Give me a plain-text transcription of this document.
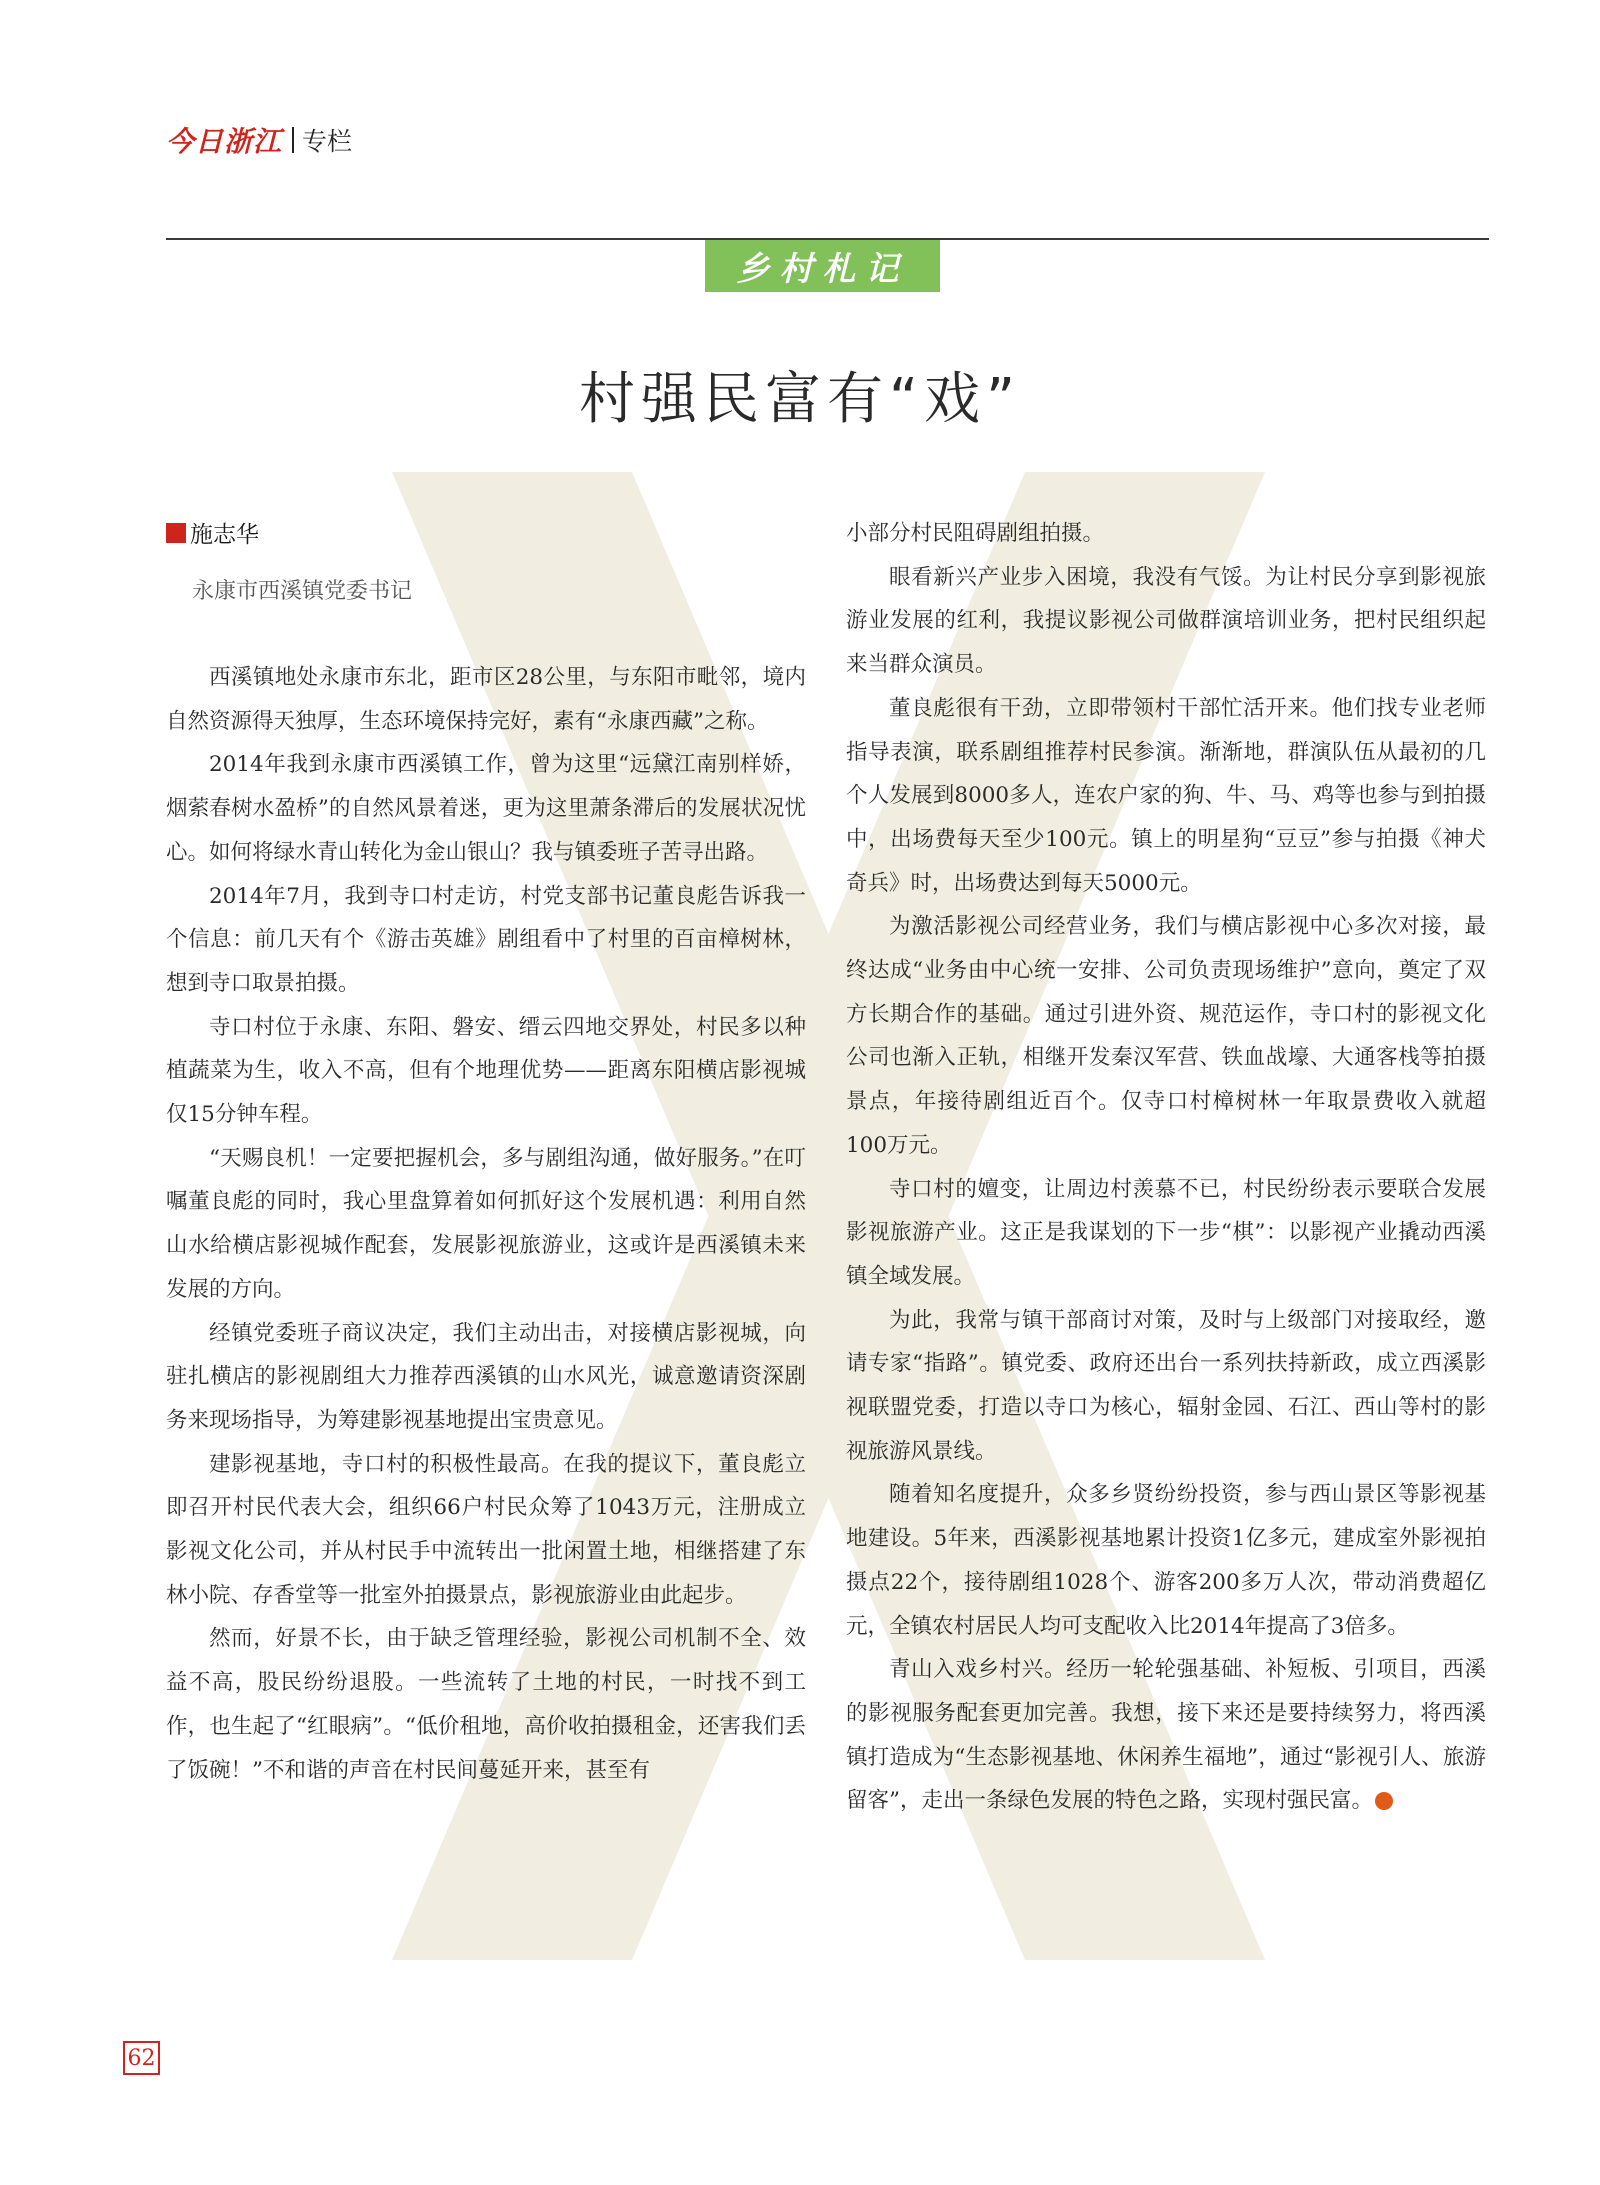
今日浙江 专栏
乡村札记
村强民富有“戏”
施志华
永康市西溪镇党委书记

西溪镇地处永康市东北，距市区28公里，与东阳市毗邻，境内自然资源得天独厚，生态环境保持完好，素有“永康西藏”之称。

2014年我到永康市西溪镇工作，曾为这里“远黛江南别样娇，烟萦春树水盈桥”的自然风景着迷，更为这里萧条滞后的发展状况忧心。如何将绿水青山转化为金山银山？我与镇委班子苦寻出路。

2014年7月，我到寺口村走访，村党支部书记董良彪告诉我一个信息：前几天有个《游击英雄》剧组看中了村里的百亩樟树林，想到寺口取景拍摄。

寺口村位于永康、东阳、磐安、缙云四地交界处，村民多以种植蔬菜为生，收入不高，但有个地理优势——距离东阳横店影视城仅15分钟车程。

“天赐良机！一定要把握机会，多与剧组沟通，做好服务。”在叮嘱董良彪的同时，我心里盘算着如何抓好这个发展机遇：利用自然山水给横店影视城作配套，发展影视旅游业，这或许是西溪镇未来发展的方向。

经镇党委班子商议决定，我们主动出击，对接横店影视城，向驻扎横店的影视剧组大力推荐西溪镇的山水风光，诚意邀请资深剧务来现场指导，为筹建影视基地提出宝贵意见。

建影视基地，寺口村的积极性最高。在我的提议下，董良彪立即召开村民代表大会，组织66户村民众筹了1043万元，注册成立影视文化公司，并从村民手中流转出一批闲置土地，相继搭建了东林小院、存香堂等一批室外拍摄景点，影视旅游业由此起步。

然而，好景不长，由于缺乏管理经验，影视公司机制不全、效益不高，股民纷纷退股。一些流转了土地的村民，一时找不到工作，也生起了“红眼病”。“低价租地，高价收拍摄租金，还害我们丢了饭碗！”不和谐的声音在村民间蔓延开来，甚至有

小部分村民阻碍剧组拍摄。

眼看新兴产业步入困境，我没有气馁。为让村民分享到影视旅游业发展的红利，我提议影视公司做群演培训业务，把村民组织起来当群众演员。

董良彪很有干劲，立即带领村干部忙活开来。他们找专业老师指导表演，联系剧组推荐村民参演。渐渐地，群演队伍从最初的几个人发展到8000多人，连农户家的狗、牛、马、鸡等也参与到拍摄中，出场费每天至少100元。镇上的明星狗“豆豆”参与拍摄《神犬奇兵》时，出场费达到每天5000元。

为激活影视公司经营业务，我们与横店影视中心多次对接，最终达成“业务由中心统一安排、公司负责现场维护”意向，奠定了双方长期合作的基础。通过引进外资、规范运作，寺口村的影视文化公司也渐入正轨，相继开发秦汉军营、铁血战壕、大通客栈等拍摄景点，年接待剧组近百个。仅寺口村樟树林一年取景费收入就超100万元。

寺口村的嬗变，让周边村羡慕不已，村民纷纷表示要联合发展影视旅游产业。这正是我谋划的下一步“棋”：以影视产业撬动西溪镇全域发展。

为此，我常与镇干部商讨对策，及时与上级部门对接取经，邀请专家“指路”。镇党委、政府还出台一系列扶持新政，成立西溪影视联盟党委，打造以寺口为核心，辐射金园、石江、西山等村的影视旅游风景线。

随着知名度提升，众多乡贤纷纷投资，参与西山景区等影视基地建设。5年来，西溪影视基地累计投资1亿多元，建成室外影视拍摄点22个，接待剧组1028个、游客200多万人次，带动消费超亿元，全镇农村居民人均可支配收入比2014年提高了3倍多。

青山入戏乡村兴。经历一轮轮强基础、补短板、引项目，西溪的影视服务配套更加完善。我想，接下来还是要持续努力，将西溪镇打造成为“生态影视基地、休闲养生福地”，通过“影视引人、旅游留客”，走出一条绿色发展的特色之路，实现村强民富。

62
